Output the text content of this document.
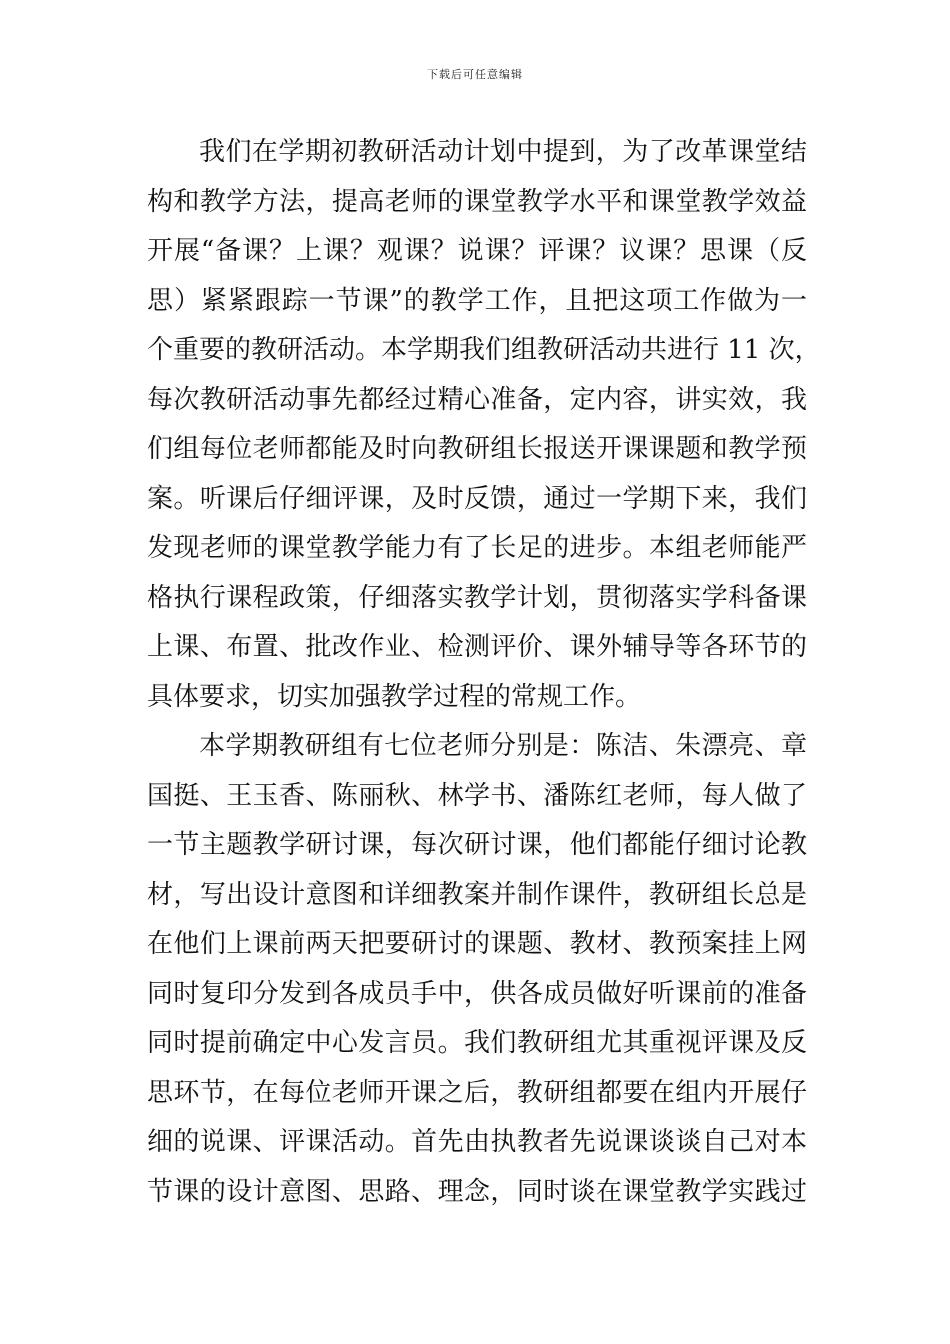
下载后可任意编辑
我们在学期初教研活动计划中提到，为了改革课堂结
构和教学方法，提高老师的课堂教学水平和课堂教学效益
开展“备课？上课？观课？说课？评课？议课？思课（反
思）紧紧跟踪一节课”的教学工作，且把这项工作做为一
个重要的教研活动。本学期我们组教研活动共进行 11 次，
每次教研活动事先都经过精心准备，定内容，讲实效，我
们组每位老师都能及时向教研组长报送开课课题和教学预
案。听课后仔细评课，及时反馈，通过一学期下来，我们
发现老师的课堂教学能力有了长足的进步。本组老师能严
格执行课程政策，仔细落实教学计划，贯彻落实学科备课
上课、布置、批改作业、检测评价、课外辅导等各环节的
具体要求，切实加强教学过程的常规工作。
本学期教研组有七位老师分别是：陈洁、朱漂亮、章
国挺、王玉香、陈丽秋、林学书、潘陈红老师，每人做了
一节主题教学研讨课，每次研讨课，他们都能仔细讨论教
材，写出设计意图和详细教案并制作课件，教研组长总是
在他们上课前两天把要研讨的课题、教材、教预案挂上网
同时复印分发到各成员手中，供各成员做好听课前的准备
同时提前确定中心发言员。我们教研组尤其重视评课及反
思环节，在每位老师开课之后，教研组都要在组内开展仔
细的说课、评课活动。首先由执教者先说课谈谈自己对本
节课的设计意图、思路、理念，同时谈在课堂教学实践过
